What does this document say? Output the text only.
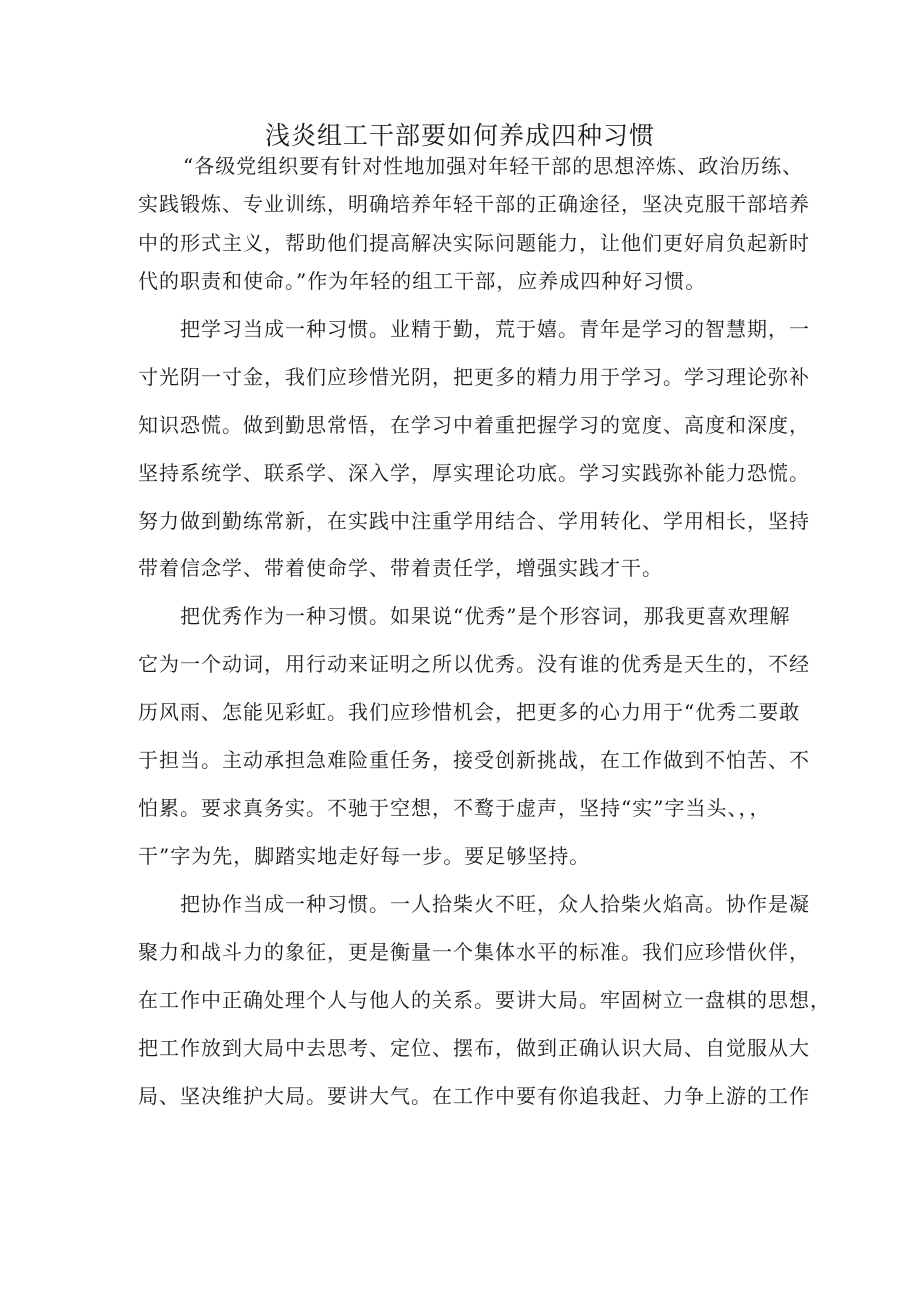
浅炎组工干部要如何养成四种习惯

“各级党组织要有针对性地加强对年轻干部的思想淬炼、政治历练、

实践锻炼、专业训练，明确培养年轻干部的正确途径，坚决克服干部培养

中的形式主义，帮助他们提高解决实际问题能力，让他们更好肩负起新时

代的职责和使命。”作为年轻的组工干部，应养成四种好习惯。

把学习当成一种习惯。业精于勤，荒于嬉。青年是学习的智慧期，一

寸光阴一寸金，我们应珍惜光阴，把更多的精力用于学习。学习理论弥补

知识恐慌。做到勤思常悟，在学习中着重把握学习的宽度、高度和深度，

坚持系统学、联系学、深入学，厚实理论功底。学习实践弥补能力恐慌。

努力做到勤练常新，在实践中注重学用结合、学用转化、学用相长，坚持

带着信念学、带着使命学、带着责任学，增强实践才干。

把优秀作为一种习惯。如果说“优秀”是个形容词，那我更喜欢理解

它为一个动词，用行动来证明之所以优秀。没有谁的优秀是天生的，不经

历风雨、怎能见彩虹。我们应珍惜机会，把更多的心力用于“优秀二要敢

于担当。主动承担急难险重任务，接受创新挑战，在工作做到不怕苦、不

怕累。要求真务实。不驰于空想，不鹜于虚声，坚持“实”字当头、，，

干”字为先，脚踏实地走好每一步。要足够坚持。

把协作当成一种习惯。一人拾柴火不旺，众人拾柴火焰高。协作是凝

聚力和战斗力的象征，更是衡量一个集体水平的标准。我们应珍惜伙伴，

在工作中正确处理个人与他人的关系。要讲大局。牢固树立一盘棋的思想，

把工作放到大局中去思考、定位、摆布，做到正确认识大局、自觉服从大

局、坚决维护大局。要讲大气。在工作中要有你追我赶、力争上游的工作
